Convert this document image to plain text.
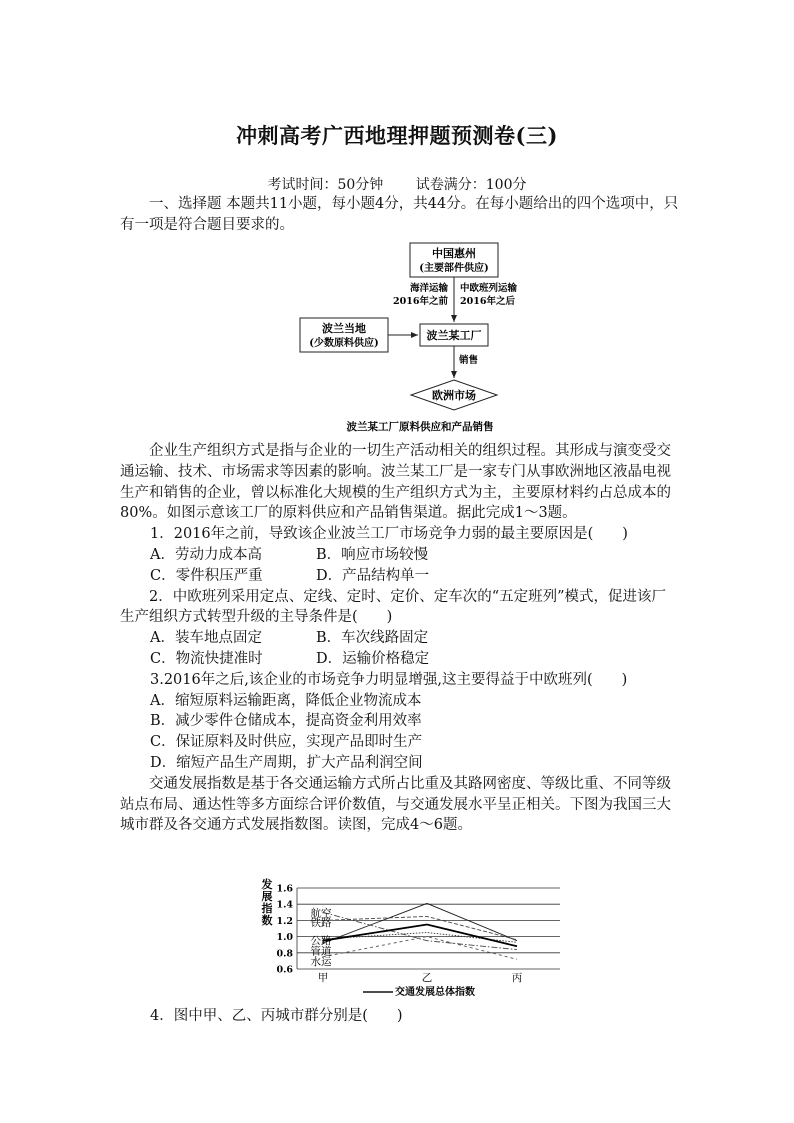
冲刺高考广西地理押题预测卷(三)
考试时间：50分钟 试卷满分：100分

一、选择题 本题共11小题，每小题4分，共44分。在每小题给出的四个选项中，只有一项是符合题目要求的。

中国惠州
(主要部件供应)
海洋运输
2016年之前
中欧班列运输
2016年之后
波兰当地
(少数原料供应)
波兰某工厂
销售
欧洲市场
波兰某工厂原料供应和产品销售

企业生产组织方式是指与企业的一切生产活动相关的组织过程。其形成与演变受交通运输、技术、市场需求等因素的影响。波兰某工厂是一家专门从事欧洲地区液晶电视生产和销售的企业，曾以标准化大规模的生产组织方式为主，主要原材料约占总成本的80%。如图示意该工厂的原料供应和产品销售渠道。据此完成1～3题。

1．2016年之前，导致该企业波兰工厂市场竞争力弱的最主要原因是(　　)

A．劳动力成本高	B．响应市场较慢
C．零件积压严重	D．产品结构单一

2．中欧班列采用定点、定线、定时、定价、定车次的“五定班列”模式，促进该厂生产组织方式转型升级的主导条件是(　　)

A．装车地点固定	B．车次线路固定
C．物流快捷准时	D．运输价格稳定

3.2016年之后,该企业的市场竞争力明显增强,这主要得益于中欧班列(　　)

A．缩短原料运输距离，降低企业物流成本

B．减少零件仓储成本，提高资金利用效率

C．保证原料及时供应，实现产品即时生产

D．缩短产品生产周期，扩大产品利润空间

交通发展指数是基于各交通运输方式所占比重及其路网密度、等级比重、不同等级站点布局、通达性等多方面综合评价数值，与交通发展水平呈正相关。下图为我国三大城市群及各交通方式发展指数图。读图，完成4～6题。

发
展
指
数
1.6
1.4
1.2
1.0
0.8
0.6
甲	乙	丙
航空
铁路
公路
管道
水运
交通发展总体指数

4．图中甲、乙、丙城市群分别是(　　)
